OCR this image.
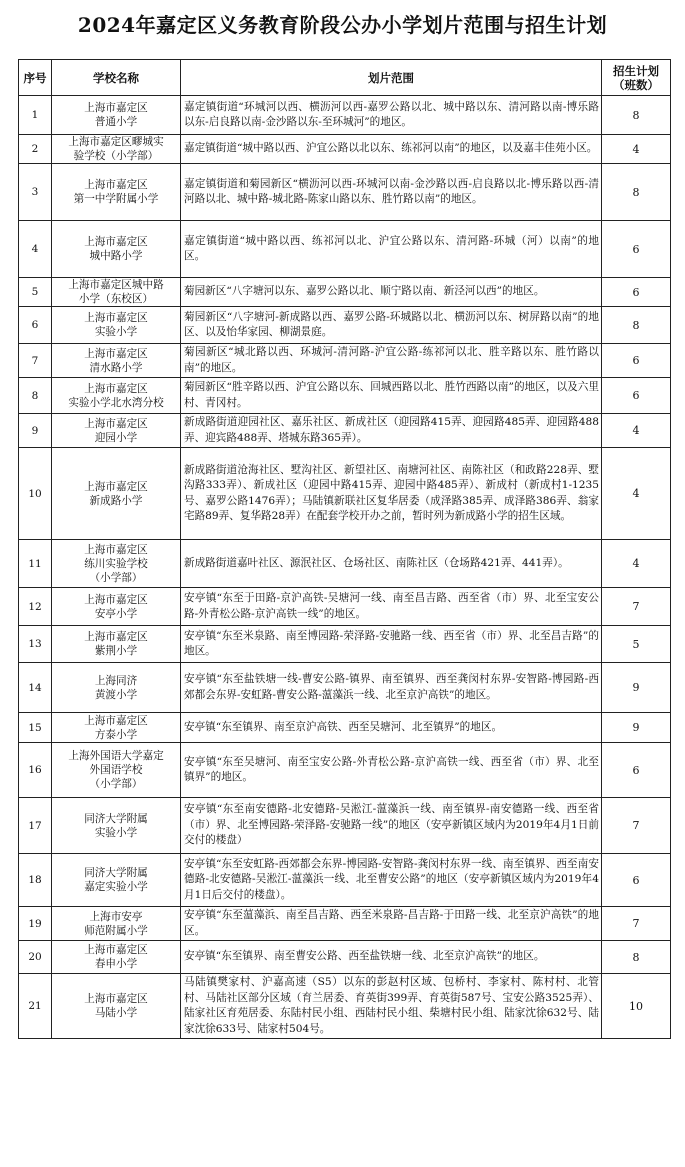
2024年嘉定区义务教育阶段公办小学划片范围与招生计划
序号	学校名称	划片范围	招生计划
（班数）
1	上海市嘉定区
普通小学	嘉定镇街道“环城河以西、横沥河以西-嘉罗公路以北、城中路以东、清河路以南-博乐路以东-启良路以南-金沙路以东-至环城河”的地区。	8
2	上海市嘉定区疁城实
验学校（小学部）	嘉定镇街道“城中路以西、沪宜公路以北以东、练祁河以南”的地区，以及嘉丰佳苑小区。	4
3	上海市嘉定区
第一中学附属小学	嘉定镇街道和菊园新区“横沥河以西-环城河以南-金沙路以西-启良路以北-博乐路以西-清河路以北、城中路-城北路-陈家山路以东、胜竹路以南”的地区。	8
4	上海市嘉定区
城中路小学	嘉定镇街道“城中路以西、练祁河以北、沪宜公路以东、清河路-环城（河）以南”的地区。	6
5	上海市嘉定区城中路
小学（东校区）	菊园新区“八字塘河以东、嘉罗公路以北、顺宁路以南、新泾河以西”的地区。	6
6	上海市嘉定区
实验小学	菊园新区“八字塘河-新成路以西、嘉罗公路-环城路以北、横沥河以东、树屏路以南”的地区、以及怡华家园、柳湖景庭。	8
7	上海市嘉定区
清水路小学	菊园新区“城北路以西、环城河-清河路-沪宜公路-练祁河以北、胜辛路以东、胜竹路以南”的地区。	6
8	上海市嘉定区
实验小学北水湾分校	菊园新区“胜辛路以西、沪宜公路以东、回城西路以北、胜竹西路以南”的地区，以及六里村、青冈村。	6
9	上海市嘉定区
迎园小学	新成路街道迎园社区、嘉乐社区、新成社区（迎园路415弄、迎园路485弄、迎园路488弄、迎宾路488弄、塔城东路365弄）。	4
10	上海市嘉定区
新成路小学	新成路街道沧海社区、墅沟社区、新望社区、南塘河社区、南陈社区（和政路228弄、墅沟路333弄）、新成社区（迎园中路415弄、迎园中路485弄）、新成村（新成村1-1235号、嘉罗公路1476弄）；马陆镇新联社区复华居委（成泽路385弄、成泽路386弄、翁家宅路89弄、复华路28弄）在配套学校开办之前，暂时列为新成路小学的招生区域。	4
11	上海市嘉定区
练川实验学校
（小学部）	新成路街道嘉叶社区、源泯社区、仓场社区、南陈社区（仓场路421弄、441弄）。	4
12	上海市嘉定区
安亭小学	安亭镇“东至于田路-京沪高铁-吴塘河一线、南至昌吉路、西至省（市）界、北至宝安公路-外青松公路-京沪高铁一线”的地区。	7
13	上海市嘉定区
紫荆小学	安亭镇“东至米泉路、南至博园路-荣泽路-安驰路一线、西至省（市）界、北至昌吉路”的地区。	5
14	上海同济
黄渡小学	安亭镇“东至盐铁塘一线-曹安公路-镇界、南至镇界、西至龚闵村东界-安智路-博园路-西郊都会东界-安虹路-曹安公路-蕰藻浜一线、北至京沪高铁”的地区。	9
15	上海市嘉定区
方泰小学	安亭镇“东至镇界、南至京沪高铁、西至吴塘河、北至镇界”的地区。	9
16	上海外国语大学嘉定
外国语学校
（小学部）	安亭镇“东至吴塘河、南至宝安公路-外青松公路-京沪高铁一线、西至省（市）界、北至镇界”的地区。	6
17	同济大学附属
实验小学	安亭镇“东至南安德路-北安德路-吴淞江-蕰藻浜一线、南至镇界-南安德路一线、西至省（市）界、北至博园路-荣泽路-安驰路一线”的地区（安亭新镇区域内为2019年4月1日前交付的楼盘）	7
18	同济大学附属
嘉定实验小学	安亭镇“东至安虹路-西郊都会东界-博园路-安智路-龚闵村东界一线、南至镇界、西至南安德路-北安德路-吴淞江-蕰藻浜一线、北至曹安公路”的地区（安亭新镇区域内为2019年4月1日后交付的楼盘）。	6
19	上海市安亭
师范附属小学	安亭镇“东至蕰藻浜、南至昌吉路、西至米泉路-昌吉路-于田路一线、北至京沪高铁”的地区。	7
20	上海市嘉定区
春申小学	安亭镇“东至镇界、南至曹安公路、西至盐铁塘一线、北至京沪高铁”的地区。	8
21	上海市嘉定区
马陆小学	马陆镇樊家村、沪嘉高速（S5）以东的彭赵村区域、包桥村、李家村、陈村村、北管村、马陆社区部分区域（育兰居委、育英街399弄、育英街587号、宝安公路3525弄）、陆家社区育苑居委、东陆村民小组、西陆村民小组、柴塘村民小组、陆家沈徐632号、陆家沈徐633号、陆家村504号。	10
